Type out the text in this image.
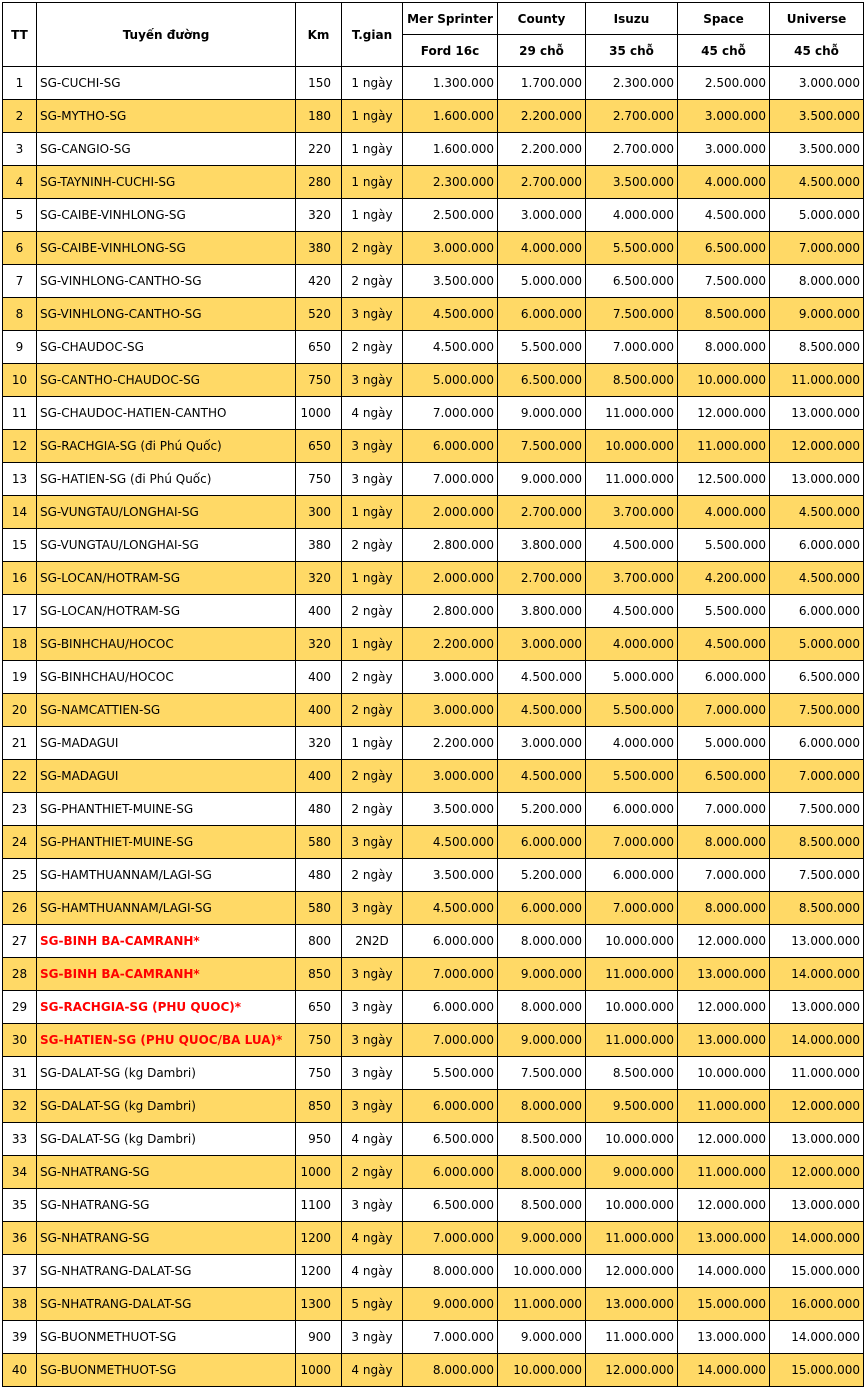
TT	Tuyến đường	Km	T.gian	Mer Sprinter	County	Isuzu	Space	Universe
				Ford 16c	29 chỗ	35 chỗ	45 chỗ	45 chỗ
1	SG-CUCHI-SG	150	1 ngày	1.300.000	1.700.000	2.300.000	2.500.000	3.000.000
2	SG-MYTHO-SG	180	1 ngày	1.600.000	2.200.000	2.700.000	3.000.000	3.500.000
3	SG-CANGIO-SG	220	1 ngày	1.600.000	2.200.000	2.700.000	3.000.000	3.500.000
4	SG-TAYNINH-CUCHI-SG	280	1 ngày	2.300.000	2.700.000	3.500.000	4.000.000	4.500.000
5	SG-CAIBE-VINHLONG-SG	320	1 ngày	2.500.000	3.000.000	4.000.000	4.500.000	5.000.000
6	SG-CAIBE-VINHLONG-SG	380	2 ngày	3.000.000	4.000.000	5.500.000	6.500.000	7.000.000
7	SG-VINHLONG-CANTHO-SG	420	2 ngày	3.500.000	5.000.000	6.500.000	7.500.000	8.000.000
8	SG-VINHLONG-CANTHO-SG	520	3 ngày	4.500.000	6.000.000	7.500.000	8.500.000	9.000.000
9	SG-CHAUDOC-SG	650	2 ngày	4.500.000	5.500.000	7.000.000	8.000.000	8.500.000
10	SG-CANTHO-CHAUDOC-SG	750	3 ngày	5.000.000	6.500.000	8.500.000	10.000.000	11.000.000
11	SG-CHAUDOC-HATIEN-CANTHO	1000	4 ngày	7.000.000	9.000.000	11.000.000	12.000.000	13.000.000
12	SG-RACHGIA-SG (đi Phú Quốc)	650	3 ngày	6.000.000	7.500.000	10.000.000	11.000.000	12.000.000
13	SG-HATIEN-SG (đi Phú Quốc)	750	3 ngày	7.000.000	9.000.000	11.000.000	12.500.000	13.000.000
14	SG-VUNGTAU/LONGHAI-SG	300	1 ngày	2.000.000	2.700.000	3.700.000	4.000.000	4.500.000
15	SG-VUNGTAU/LONGHAI-SG	380	2 ngày	2.800.000	3.800.000	4.500.000	5.500.000	6.000.000
16	SG-LOCAN/HOTRAM-SG	320	1 ngày	2.000.000	2.700.000	3.700.000	4.200.000	4.500.000
17	SG-LOCAN/HOTRAM-SG	400	2 ngày	2.800.000	3.800.000	4.500.000	5.500.000	6.000.000
18	SG-BINHCHAU/HOCOC	320	1 ngày	2.200.000	3.000.000	4.000.000	4.500.000	5.000.000
19	SG-BINHCHAU/HOCOC	400	2 ngày	3.000.000	4.500.000	5.000.000	6.000.000	6.500.000
20	SG-NAMCATTIEN-SG	400	2 ngày	3.000.000	4.500.000	5.500.000	7.000.000	7.500.000
21	SG-MADAGUI	320	1 ngày	2.200.000	3.000.000	4.000.000	5.000.000	6.000.000
22	SG-MADAGUI	400	2 ngày	3.000.000	4.500.000	5.500.000	6.500.000	7.000.000
23	SG-PHANTHIET-MUINE-SG	480	2 ngày	3.500.000	5.200.000	6.000.000	7.000.000	7.500.000
24	SG-PHANTHIET-MUINE-SG	580	3 ngày	4.500.000	6.000.000	7.000.000	8.000.000	8.500.000
25	SG-HAMTHUANNAM/LAGI-SG	480	2 ngày	3.500.000	5.200.000	6.000.000	7.000.000	7.500.000
26	SG-HAMTHUANNAM/LAGI-SG	580	3 ngày	4.500.000	6.000.000	7.000.000	8.000.000	8.500.000
27	SG-BINH BA-CAMRANH*	800	2N2D	6.000.000	8.000.000	10.000.000	12.000.000	13.000.000
28	SG-BINH BA-CAMRANH*	850	3 ngày	7.000.000	9.000.000	11.000.000	13.000.000	14.000.000
29	SG-RACHGIA-SG (PHU QUOC)*	650	3 ngày	6.000.000	8.000.000	10.000.000	12.000.000	13.000.000
30	SG-HATIEN-SG (PHU QUOC/BA LUA)*	750	3 ngày	7.000.000	9.000.000	11.000.000	13.000.000	14.000.000
31	SG-DALAT-SG (kg Dambri)	750	3 ngày	5.500.000	7.500.000	8.500.000	10.000.000	11.000.000
32	SG-DALAT-SG (kg Dambri)	850	3 ngày	6.000.000	8.000.000	9.500.000	11.000.000	12.000.000
33	SG-DALAT-SG (kg Dambri)	950	4 ngày	6.500.000	8.500.000	10.000.000	12.000.000	13.000.000
34	SG-NHATRANG-SG	1000	2 ngày	6.000.000	8.000.000	9.000.000	11.000.000	12.000.000
35	SG-NHATRANG-SG	1100	3 ngày	6.500.000	8.500.000	10.000.000	12.000.000	13.000.000
36	SG-NHATRANG-SG	1200	4 ngày	7.000.000	9.000.000	11.000.000	13.000.000	14.000.000
37	SG-NHATRANG-DALAT-SG	1200	4 ngày	8.000.000	10.000.000	12.000.000	14.000.000	15.000.000
38	SG-NHATRANG-DALAT-SG	1300	5 ngày	9.000.000	11.000.000	13.000.000	15.000.000	16.000.000
39	SG-BUONMETHUOT-SG	900	3 ngày	7.000.000	9.000.000	11.000.000	13.000.000	14.000.000
40	SG-BUONMETHUOT-SG	1000	4 ngày	8.000.000	10.000.000	12.000.000	14.000.000	15.000.000
